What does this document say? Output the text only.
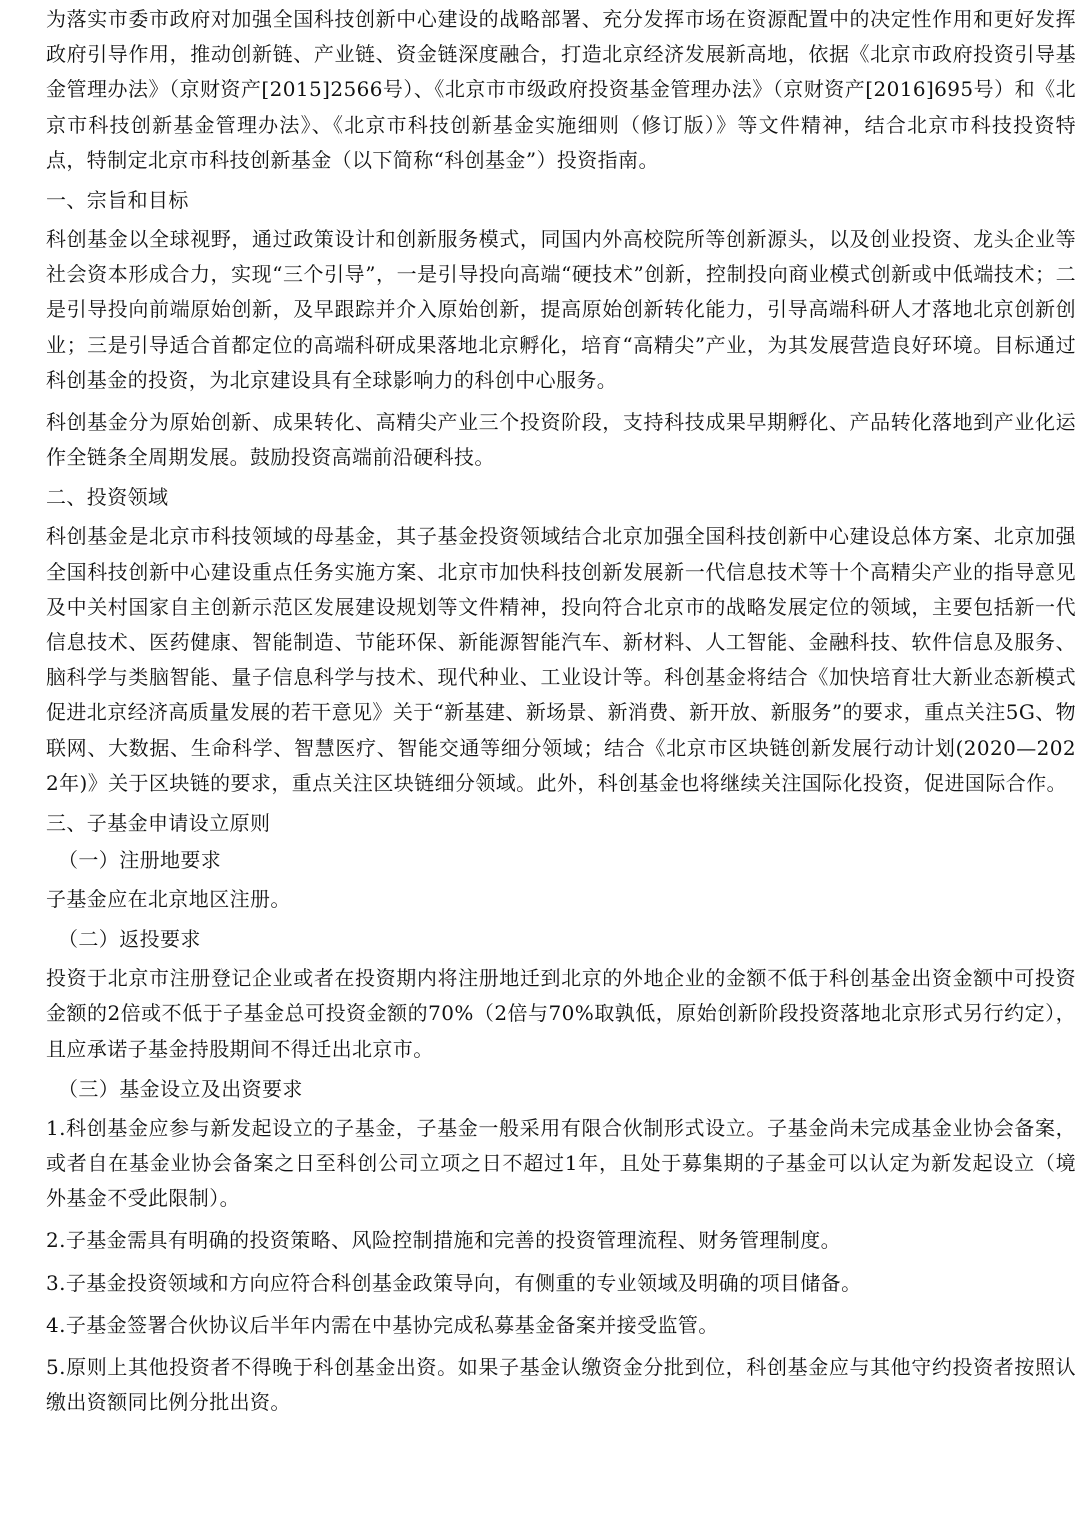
为落实市委市政府对加强全国科技创新中心建设的战略部署、充分发挥市场在资源配置中的决定性作用和更好发挥政府引导作用，推动创新链、产业链、资金链深度融合，打造北京经济发展新高地，依据《北京市政府投资引导基金管理办法》（京财资产[2015]2566号）、《北京市市级政府投资基金管理办法》（京财资产[2016]695号）和《北京市科技创新基金管理办法》、《北京市科技创新基金实施细则（修订版）》等文件精神，结合北京市科技投资特点，特制定北京市科技创新基金（以下简称“科创基金”）投资指南。

一、宗旨和目标

科创基金以全球视野，通过政策设计和创新服务模式，同国内外高校院所等创新源头，以及创业投资、龙头企业等社会资本形成合力，实现“三个引导”，一是引导投向高端“硬技术”创新，控制投向商业模式创新或中低端技术；二是引导投向前端原始创新，及早跟踪并介入原始创新，提高原始创新转化能力，引导高端科研人才落地北京创新创业；三是引导适合首都定位的高端科研成果落地北京孵化，培育“高精尖”产业，为其发展营造良好环境。目标通过科创基金的投资，为北京建设具有全球影响力的科创中心服务。

科创基金分为原始创新、成果转化、高精尖产业三个投资阶段，支持科技成果早期孵化、产品转化落地到产业化运作全链条全周期发展。鼓励投资高端前沿硬科技。

二、投资领域

科创基金是北京市科技领域的母基金，其子基金投资领域结合北京加强全国科技创新中心建设总体方案、北京加强全国科技创新中心建设重点任务实施方案、北京市加快科技创新发展新一代信息技术等十个高精尖产业的指导意见及中关村国家自主创新示范区发展建设规划等文件精神，投向符合北京市的战略发展定位的领域，主要包括新一代信息技术、医药健康、智能制造、节能环保、新能源智能汽车、新材料、人工智能、金融科技、软件信息及服务、脑科学与类脑智能、量子信息科学与技术、现代种业、工业设计等。科创基金将结合《加快培育壮大新业态新模式促进北京经济高质量发展的若干意见》关于“新基建、新场景、新消费、新开放、新服务”的要求，重点关注5G、物联网、大数据、生命科学、智慧医疗、智能交通等细分领域；结合《北京市区块链创新发展行动计划(2020—2022年)》关于区块链的要求，重点关注区块链细分领域。此外，科创基金也将继续关注国际化投资，促进国际合作。

三、子基金申请设立原则

（一）注册地要求

子基金应在北京地区注册。

（二）返投要求

投资于北京市注册登记企业或者在投资期内将注册地迁到北京的外地企业的金额不低于科创基金出资金额中可投资金额的2倍或不低于子基金总可投资金额的70%（2倍与70%取孰低，原始创新阶段投资落地北京形式另行约定），且应承诺子基金持股期间不得迁出北京市。

（三）基金设立及出资要求

1.科创基金应参与新发起设立的子基金，子基金一般采用有限合伙制形式设立。子基金尚未完成基金业协会备案，或者自在基金业协会备案之日至科创公司立项之日不超过1年，且处于募集期的子基金可以认定为新发起设立（境外基金不受此限制）。

2.子基金需具有明确的投资策略、风险控制措施和完善的投资管理流程、财务管理制度。

3.子基金投资领域和方向应符合科创基金政策导向，有侧重的专业领域及明确的项目储备。

4.子基金签署合伙协议后半年内需在中基协完成私募基金备案并接受监管。

5.原则上其他投资者不得晚于科创基金出资。如果子基金认缴资金分批到位，科创基金应与其他守约投资者按照认缴出资额同比例分批出资。
